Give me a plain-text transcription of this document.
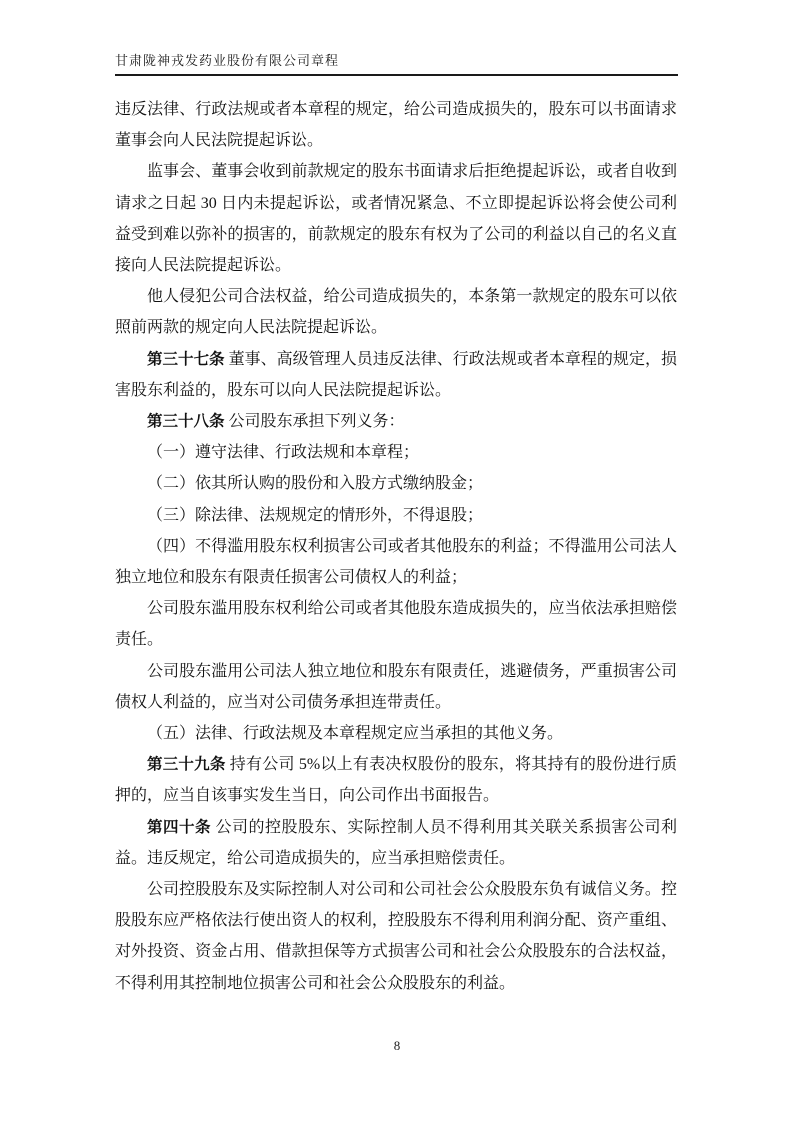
甘肃陇神戎发药业股份有限公司章程

违反法律、行政法规或者本章程的规定，给公司造成损失的，股东可以书面请求董事会向人民法院提起诉讼。

监事会、董事会收到前款规定的股东书面请求后拒绝提起诉讼，或者自收到请求之日起 30 日内未提起诉讼，或者情况紧急、不立即提起诉讼将会使公司利益受到难以弥补的损害的，前款规定的股东有权为了公司的利益以自己的名义直接向人民法院提起诉讼。

他人侵犯公司合法权益，给公司造成损失的，本条第一款规定的股东可以依照前两款的规定向人民法院提起诉讼。

第三十七条 董事、高级管理人员违反法律、行政法规或者本章程的规定，损害股东利益的，股东可以向人民法院提起诉讼。

第三十八条 公司股东承担下列义务：

（一）遵守法律、行政法规和本章程；

（二）依其所认购的股份和入股方式缴纳股金；

（三）除法律、法规规定的情形外，不得退股；

（四）不得滥用股东权利损害公司或者其他股东的利益；不得滥用公司法人独立地位和股东有限责任损害公司债权人的利益；

公司股东滥用股东权利给公司或者其他股东造成损失的，应当依法承担赔偿责任。

公司股东滥用公司法人独立地位和股东有限责任，逃避债务，严重损害公司债权人利益的，应当对公司债务承担连带责任。

（五）法律、行政法规及本章程规定应当承担的其他义务。

第三十九条 持有公司 5%以上有表决权股份的股东，将其持有的股份进行质押的，应当自该事实发生当日，向公司作出书面报告。

第四十条 公司的控股股东、实际控制人员不得利用其关联关系损害公司利益。违反规定，给公司造成损失的，应当承担赔偿责任。

公司控股股东及实际控制人对公司和公司社会公众股股东负有诚信义务。控股股东应严格依法行使出资人的权利，控股股东不得利用利润分配、资产重组、对外投资、资金占用、借款担保等方式损害公司和社会公众股股东的合法权益，不得利用其控制地位损害公司和社会公众股股东的利益。

8
